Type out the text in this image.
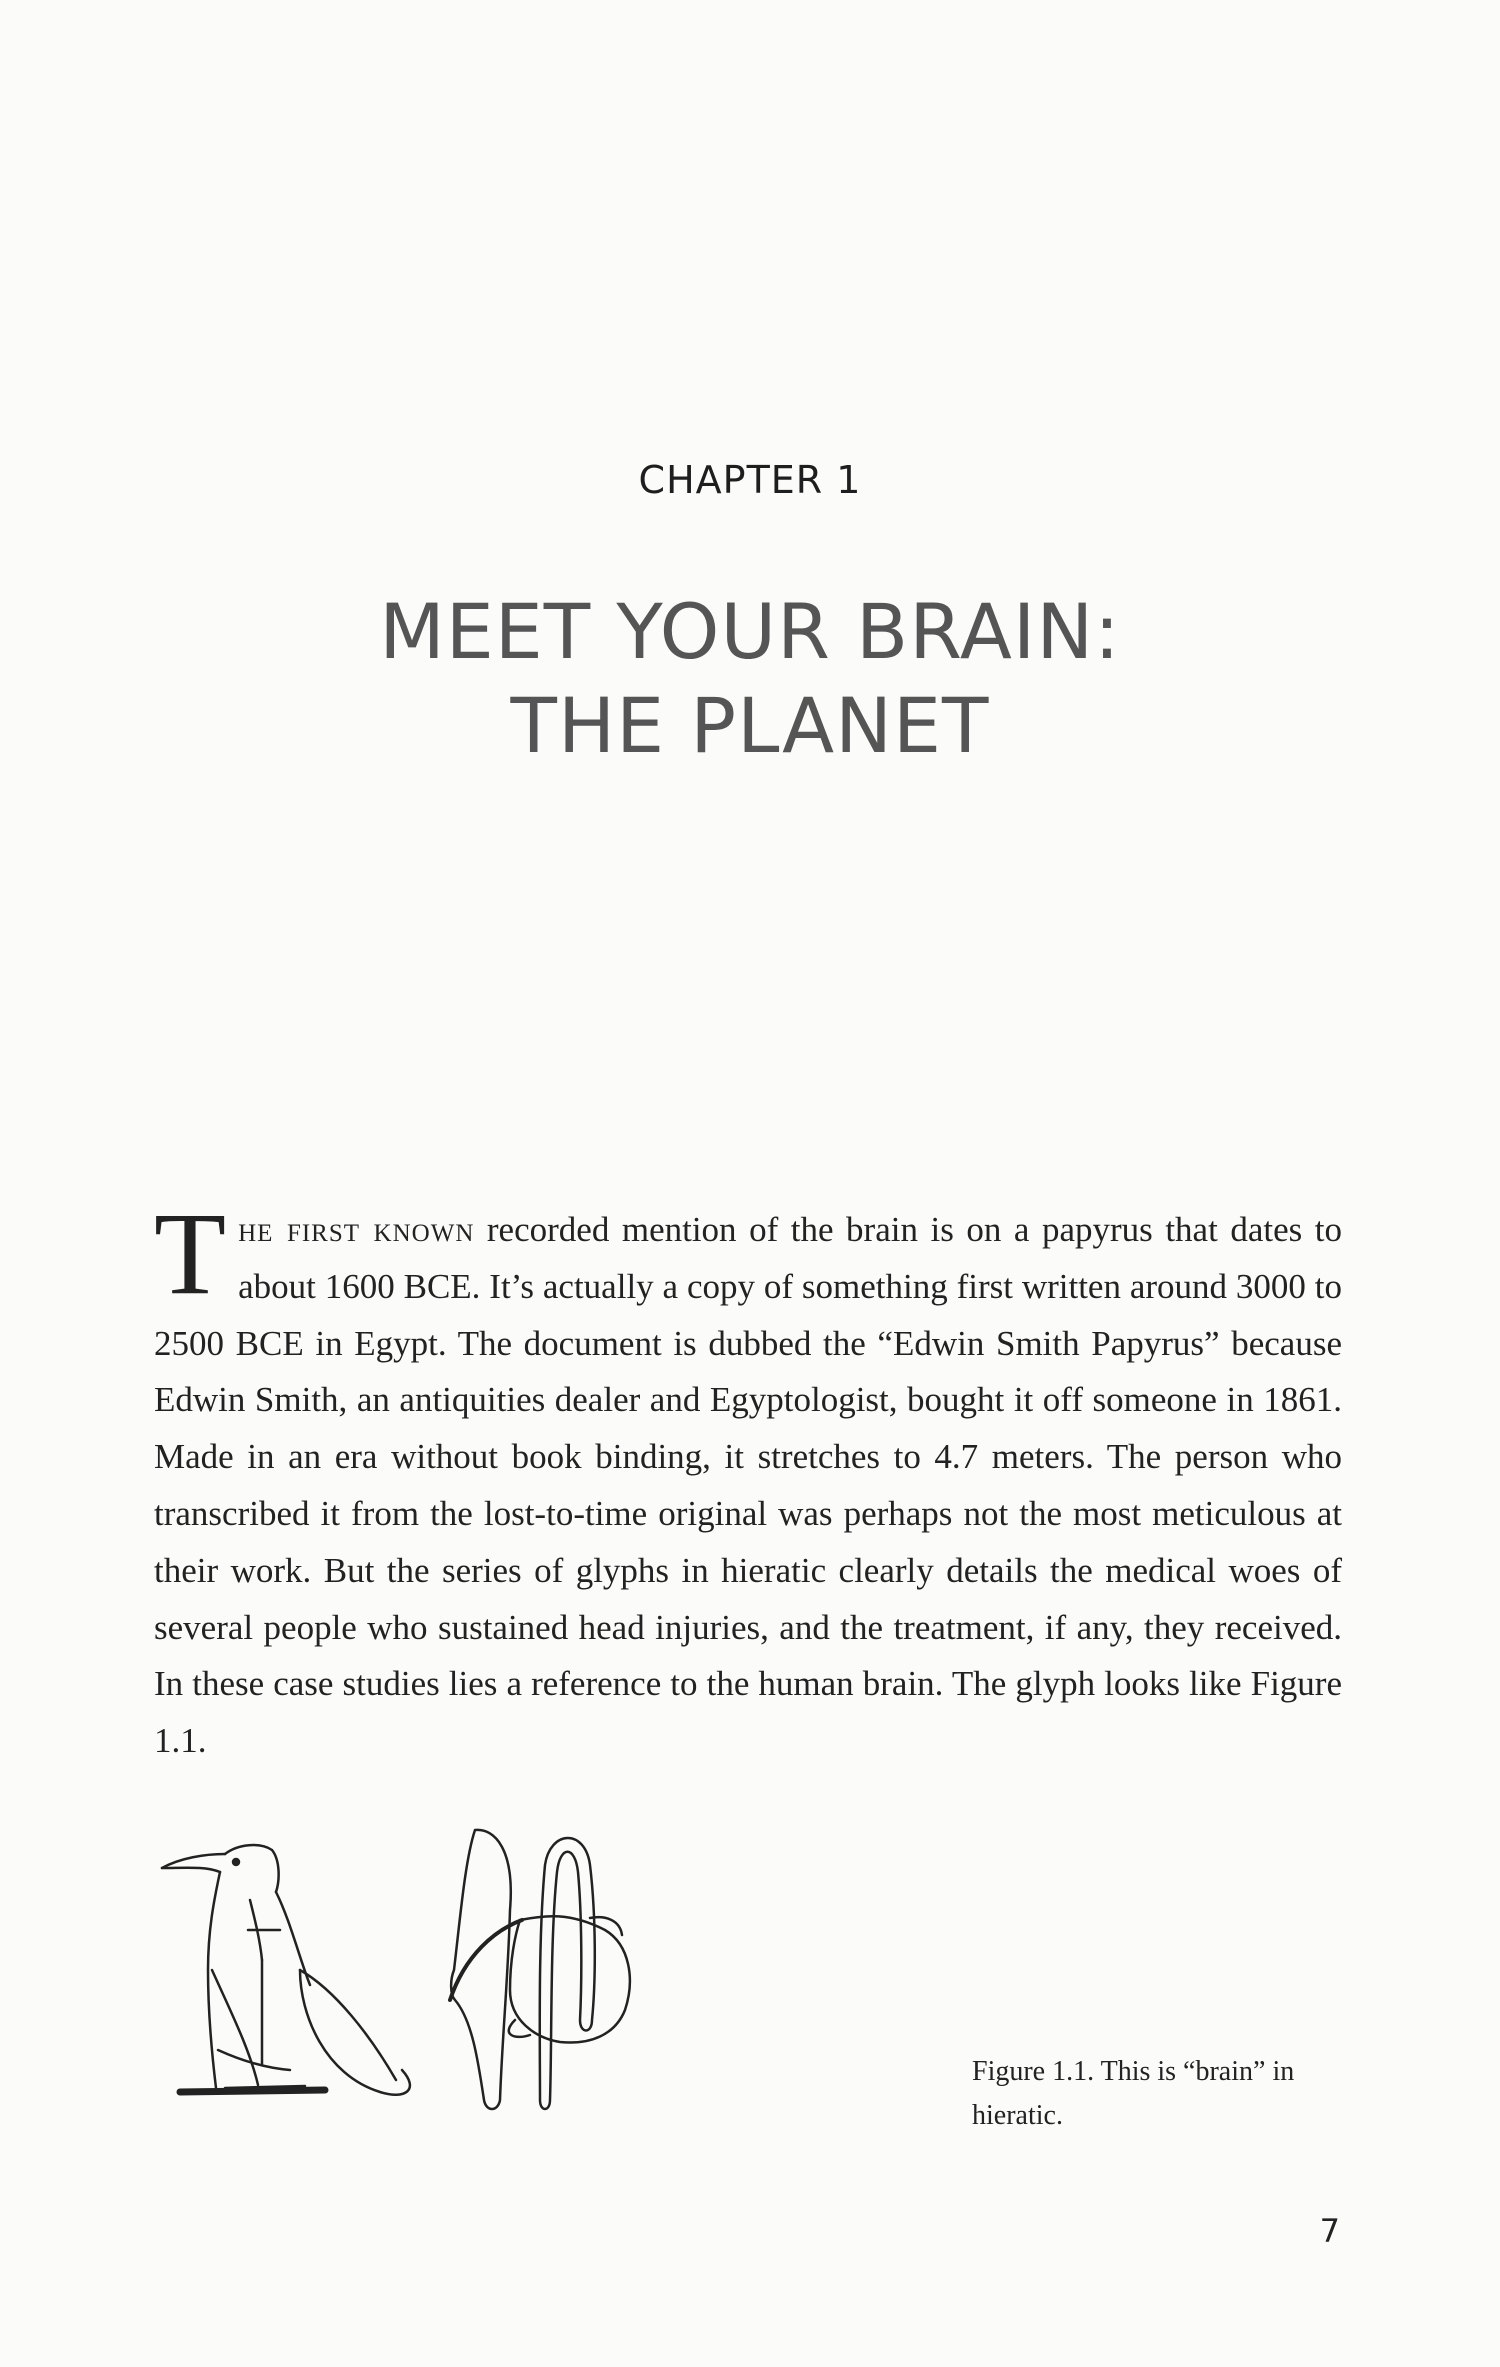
CHAPTER 1
MEET YOUR BRAIN:
THE PLANET
The first known recorded mention of the brain is on a papyrus that dates to about 1600 BCE. It’s actually a copy of something first written around 3000 to 2500 BCE in Egypt. The document is dubbed the “Edwin Smith Papyrus” because Edwin Smith, an antiquities dealer and Egyptologist, bought it off someone in 1861. Made in an era without book binding, it stretches to 4.7 meters. The person who transcribed it from the lost-to-time original was perhaps not the most meticulous at their work. But the series of glyphs in hieratic clearly details the medical woes of several people who sustained head injuries, and the treatment, if any, they received. In these case studies lies a reference to the human brain. The glyph looks like Figure 1.1.
Figure 1.1. This is “brain” in hieratic.
7
